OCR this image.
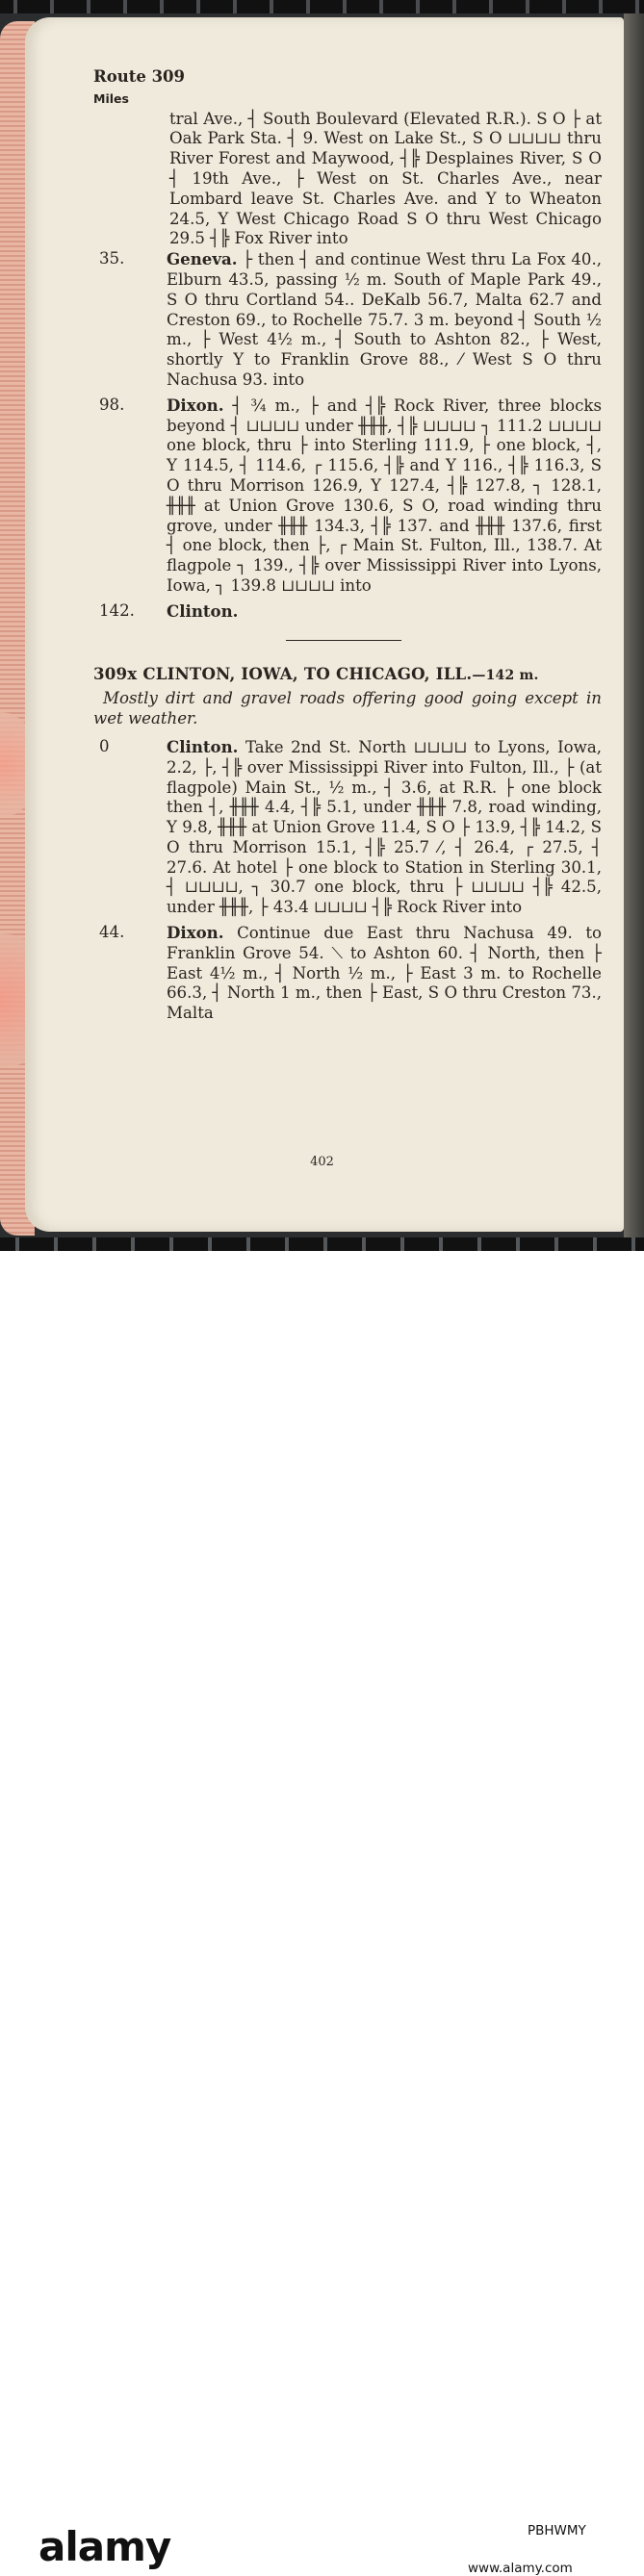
Route 309
Miles

tral Ave., ┤ South Boulevard (Elevated R.R.). S O ├ at Oak Park Sta. ┤ 9. West on Lake St., S O ⊔⊔⊔⊔ thru River Forest and Maywood, ┤╠ Desplaines River, S O ┤ 19th Ave., ├ West on St. Charles Ave., near Lombard leave St. Charles Ave. and Y to Wheaton 24.5, Y West Chicago Road S O thru West Chicago 29.5 ┤╠ Fox River into

35.	Geneva. ├ then ┤ and continue West thru La Fox 40., Elburn 43.5, passing ½ m. South of Maple Park 49., S O thru Cortland 54.. DeKalb 56.7, Malta 62.7 and Creston 69., to Rochelle 75.7. 3 m. beyond ┤ South ½ m., ├ West 4½ m., ┤ South to Ashton 82., ├ West, shortly Y to Franklin Grove 88., ⁄ West S O thru Nachusa 93. into

98.	Dixon. ┤ ¾ m., ├ and ┤╠ Rock River, three blocks beyond ┤ ⊔⊔⊔⊔ under ╫╫╫, ┤╠ ⊔⊔⊔⊔ ┐ 111.2 ⊔⊔⊔⊔ one block, thru ├ into Sterling 111.9, ├ one block, ┤, Y 114.5, ┤ 114.6, ┌ 115.6, ┤╠ and Y 116., ┤╠ 116.3, S O thru Morrison 126.9, Y 127.4, ┤╠ 127.8, ┐ 128.1, ╫╫╫ at Union Grove 130.6, S O, road winding thru grove, under ╫╫╫ 134.3, ┤╠ 137. and ╫╫╫ 137.6, first ┤ one block, then ├, ┌ Main St. Fulton, Ill., 138.7. At flagpole ┐ 139., ┤╠ over Mississippi River into Lyons, Iowa, ┐ 139.8 ⊔⊔⊔⊔ into

142.	Clinton.

309x CLINTON, IOWA, TO CHICAGO, ILL.—142 m.

Mostly dirt and gravel roads offering good going except in wet weather.

0	Clinton. Take 2nd St. North ⊔⊔⊔⊔ to Lyons, Iowa, 2.2, ├, ┤╠ over Mississippi River into Fulton, Ill., ├ (at flagpole) Main St., ½ m., ┤ 3.6, at R.R. ├ one block then ┤, ╫╫╫ 4.4, ┤╠ 5.1, under ╫╫╫ 7.8, road winding, Y 9.8, ╫╫╫ at Union Grove 11.4, S O ├ 13.9, ┤╠ 14.2, S O thru Morrison 15.1, ┤╠ 25.7 ⁄, ┤ 26.4, ┌ 27.5, ┤ 27.6. At hotel ├ one block to Station in Sterling 30.1, ┤ ⊔⊔⊔⊔, ┐ 30.7 one block, thru ├ ⊔⊔⊔⊔ ┤╠ 42.5, under ╫╫╫, ├ 43.4 ⊔⊔⊔⊔ ┤╠ Rock River into

44.	Dixon. Continue due East thru Nachusa 49. to Franklin Grove 54. ⟍ to Ashton 60. ┤ North, then ├ East 4½ m., ┤ North ½ m., ├ East 3 m. to Rochelle 66.3, ┤ North 1 m., then ├ East, S O thru Creston 73., Malta

402
alamy	PBHWMY
www.alamy.com
